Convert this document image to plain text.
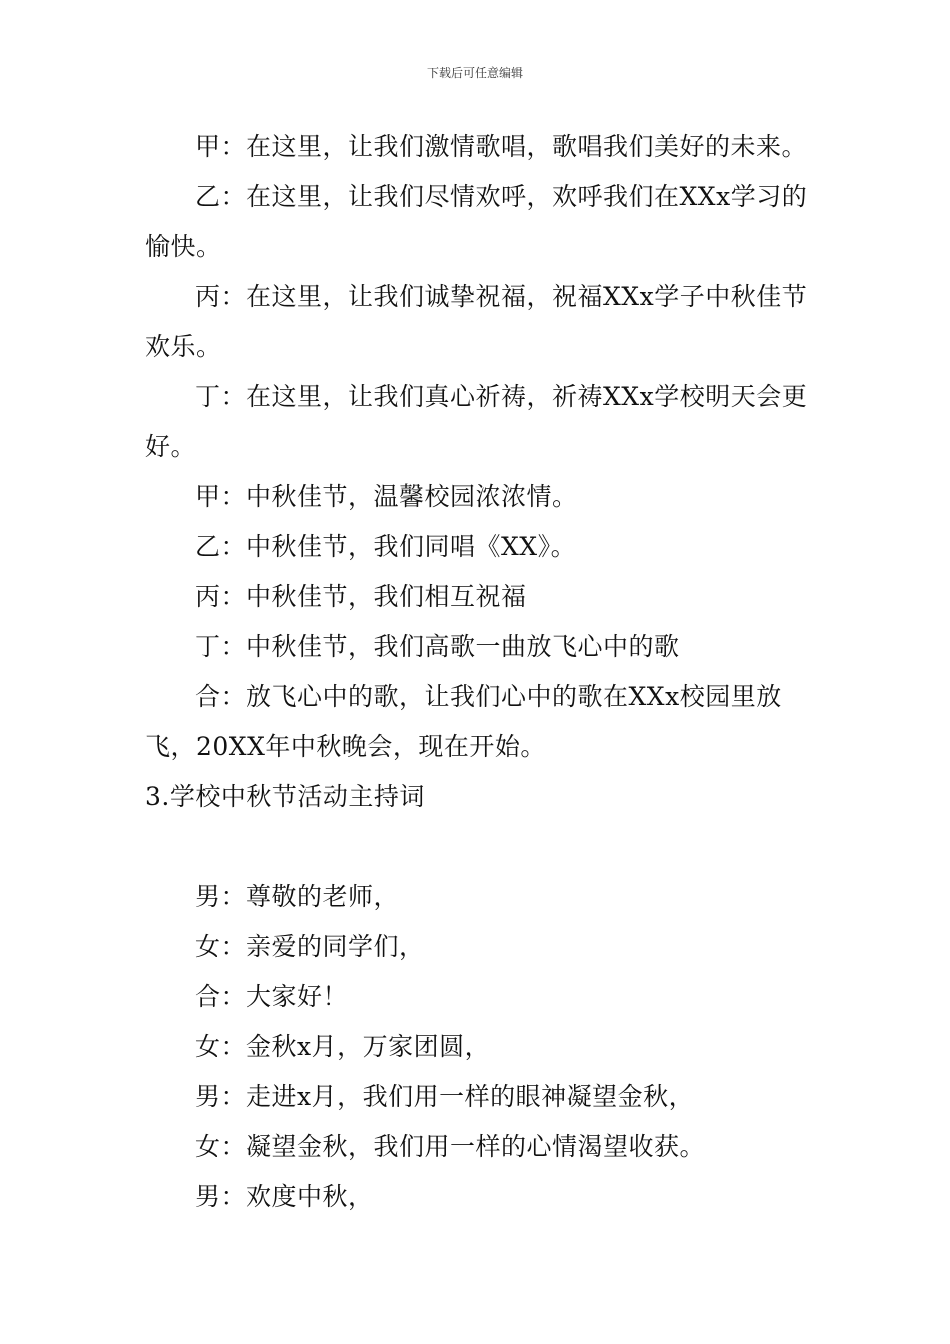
下载后可任意编辑

甲：在这里，让我们激情歌唱，歌唱我们美好的未来。

乙：在这里，让我们尽情欢呼，欢呼我们在XXx学习的愉快。

丙：在这里，让我们诚挚祝福，祝福XXx学子中秋佳节欢乐。

丁：在这里，让我们真心祈祷，祈祷XXx学校明天会更好。

甲：中秋佳节，温馨校园浓浓情。

乙：中秋佳节，我们同唱《XX》。

丙：中秋佳节，我们相互祝福

丁：中秋佳节，我们高歌一曲放飞心中的歌

合：放飞心中的歌，让我们心中的歌在XXx校园里放飞，20XX年中秋晚会，现在开始。

3.学校中秋节活动主持词

男：尊敬的老师，

女：亲爱的同学们，

合：大家好！

女：金秋x月，万家团圆，

男：走进x月，我们用一样的眼神凝望金秋，

女：凝望金秋，我们用一样的心情渴望收获。

男：欢度中秋，
